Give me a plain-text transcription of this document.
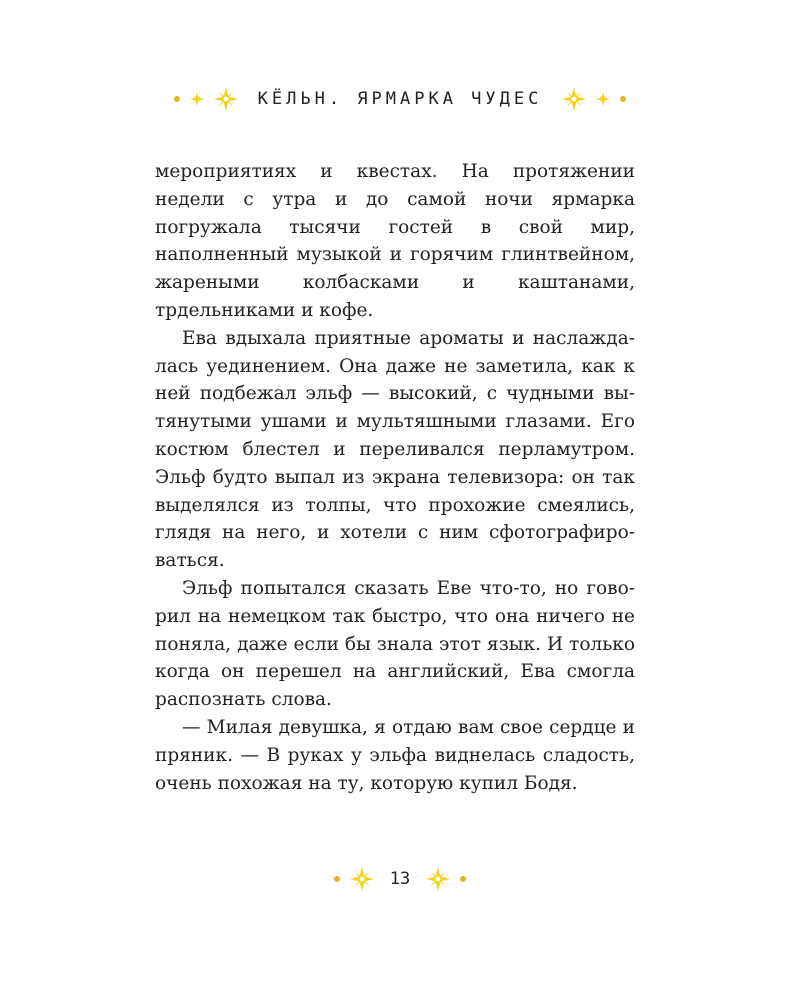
КЁЛЬН. ЯРМАРКА ЧУДЕС

мероприятиях и квестах. На протяжении недели с утра и до самой ночи ярмарка погружала тысячи гостей в свой мир, наполненный музыкой и горячим глинтвейном, жареными колбасками и каштанами, трдельниками и кофе.

Ева вдыхала приятные ароматы и наслаждалась уединением. Она даже не заметила, как к ней подбежал эльф — высокий, с чудными вытянутыми ушами и мультяшными глазами. Его костюм блестел и переливался перламутром. Эльф будто выпал из экрана телевизора: он так выделялся из толпы, что прохожие смеялись, глядя на него, и хотели с ним сфотографироваться.

Эльф попытался сказать Еве что-то, но говорил на немецком так быстро, что она ничего не поняла, даже если бы знала этот язык. И только когда он перешел на английский, Ева смогла распознать слова.

— Милая девушка, я отдаю вам свое сердце и пряник. — В руках у эльфа виднелась сладость, очень похожая на ту, которую купил Бодя.

13
